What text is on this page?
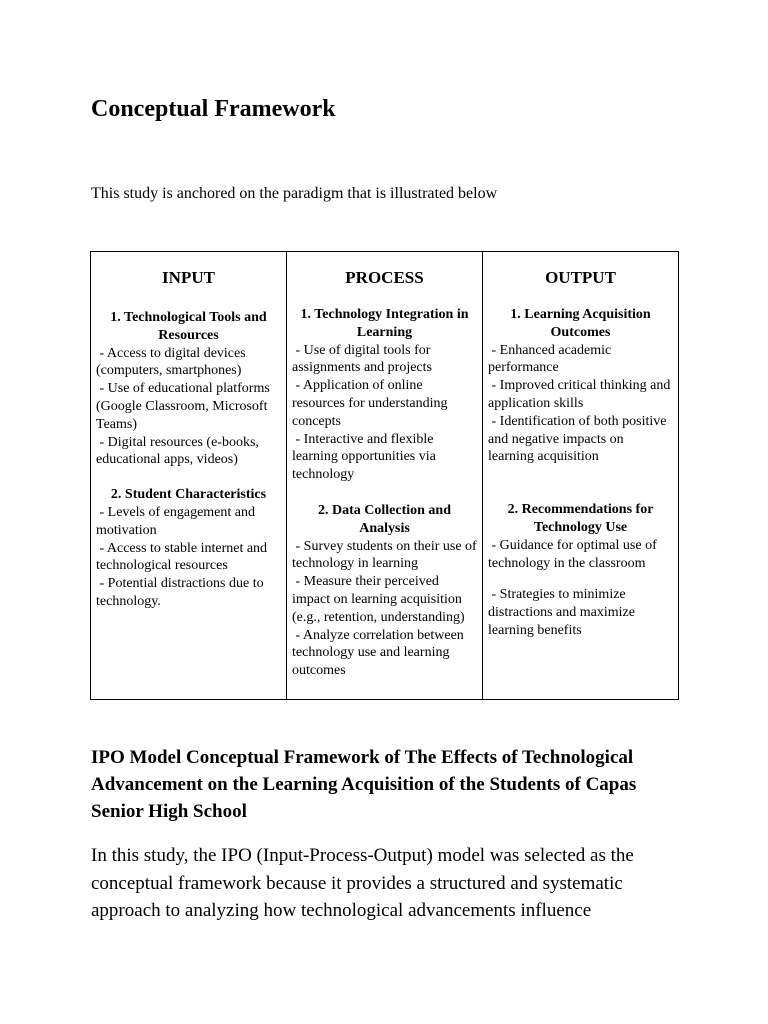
Conceptual Framework

This study is anchored on the paradigm that is illustrated below

INPUT

1. Technological Tools and Resources

- Access to digital devices (computers, smartphones)

- Use of educational platforms (Google Classroom, Microsoft Teams)

- Digital resources (e-books, educational apps, videos)

2. Student Characteristics

- Levels of engagement and motivation

- Access to stable internet and technological resources

- Potential distractions due to technology.

PROCESS

1. Technology Integration in Learning

- Use of digital tools for assignments and projects

- Application of online resources for understanding concepts

- Interactive and flexible learning opportunities via technology

2. Data Collection and Analysis

- Survey students on their use of technology in learning

- Measure their perceived impact on learning acquisition (e.g., retention, understanding)

- Analyze correlation between technology use and learning outcomes

OUTPUT

1. Learning Acquisition Outcomes

- Enhanced academic performance

- Improved critical thinking and application skills

- Identification of both positive and negative impacts on learning acquisition

2. Recommendations for Technology Use

- Guidance for optimal use of technology in the classroom

- Strategies to minimize distractions and maximize learning benefits

IPO Model Conceptual Framework of The Effects of Technological Advancement on the Learning Acquisition of the Students of Capas Senior High School

In this study, the IPO (Input-Process-Output) model was selected as the conceptual framework because it provides a structured and systematic approach to analyzing how technological advancements influence
